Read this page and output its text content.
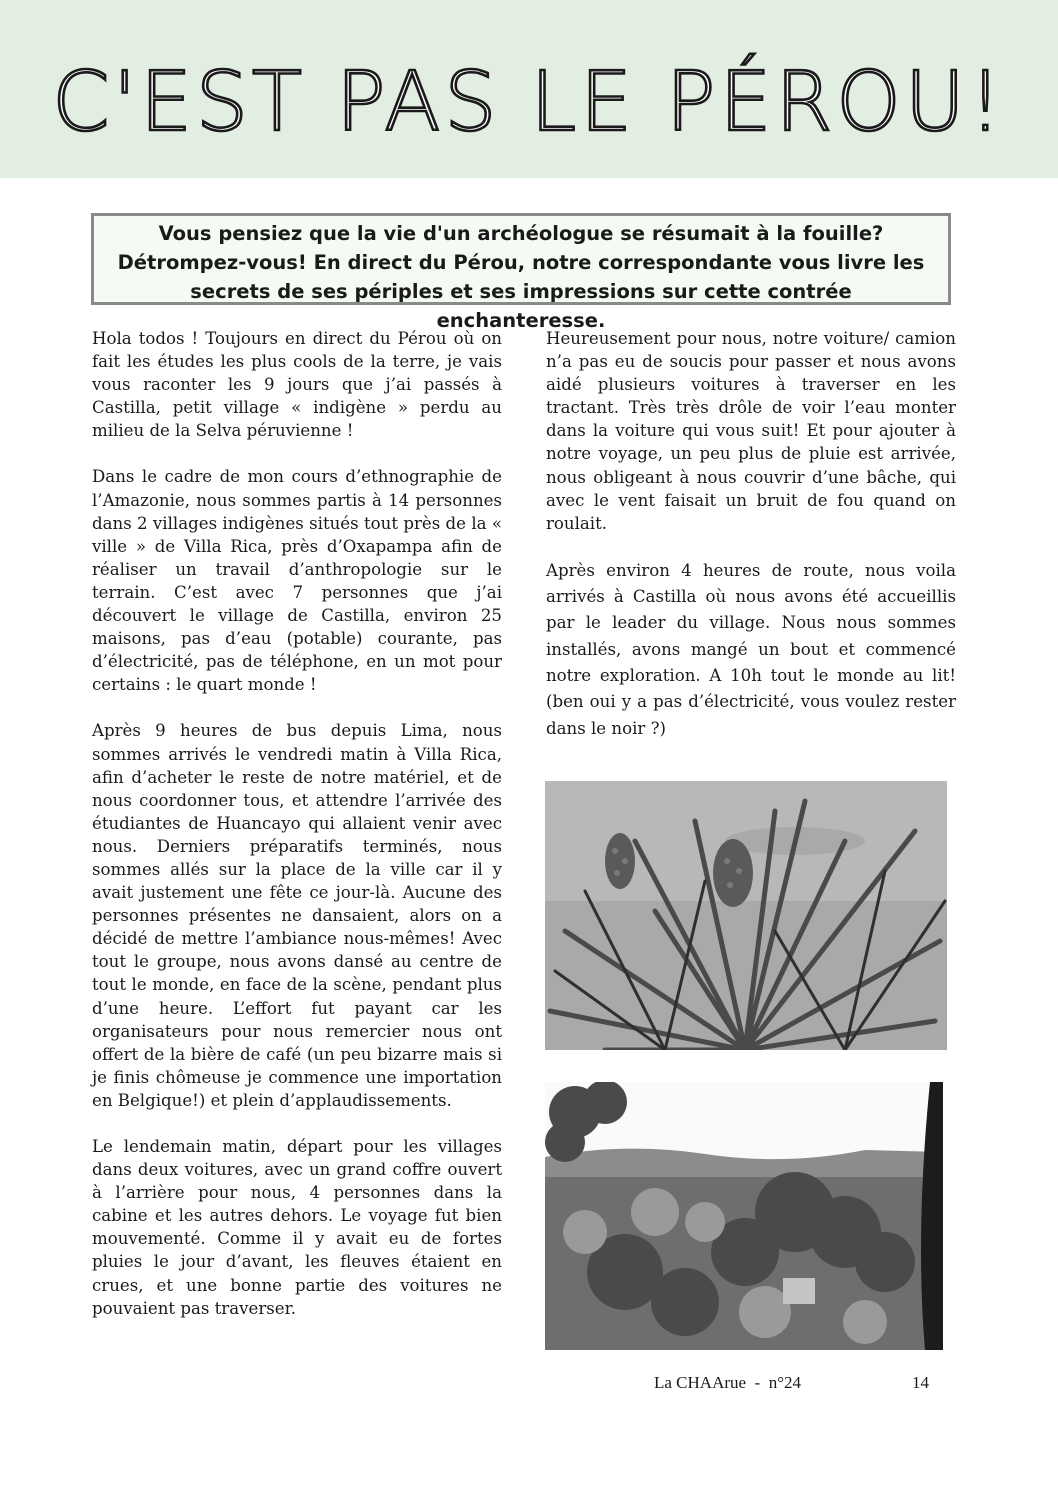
C'EST PAS LE PÉROU!
Vous pensiez que la vie d'un archéologue se résumait à la fouille? Détrompez-vous! En direct du Pérou, notre correspondante vous livre les secrets de ses périples et ses impressions sur cette contrée enchanteresse.

Hola todos ! Toujours en direct du Pérou où on fait les études les plus cools de la terre, je vais vous raconter les 9 jours que j’ai passés à Castilla, petit village « indigène » perdu au milieu de la Selva péruvienne !

Dans le cadre de mon cours d’ethnographie de l’Amazonie, nous sommes partis à 14 personnes dans 2 villages indigènes situés tout près de la « ville » de Villa Rica, près d’Oxapampa afin de réaliser un travail d’anthropologie sur le terrain. C’est avec 7 personnes que j’ai découvert le village de Castilla, environ 25 maisons, pas d’eau (potable) courante, pas d’électricité, pas de téléphone, en un mot pour certains : le quart monde !

Après 9 heures de bus depuis Lima, nous sommes arrivés le vendredi matin à Villa Rica, afin d’acheter le reste de notre matériel, et de nous coordonner tous, et attendre l’arrivée des étudiantes de Huancayo qui allaient venir avec nous. Derniers préparatifs terminés, nous sommes allés sur la place de la ville car il y avait justement une fête ce jour-là. Aucune des personnes présentes ne dansaient, alors on a décidé de mettre l’ambiance nous-mêmes! Avec tout le groupe, nous avons dansé au centre de tout le monde, en face de la scène, pendant plus d’une heure. L’effort fut payant car les organisateurs pour nous remercier nous ont offert de la bière de café (un peu bizarre mais si je finis chômeuse je commence une importation en Belgique!) et plein d’applaudissements.

Le lendemain matin, départ pour les villages dans deux voitures, avec un grand coffre ouvert à l’arrière pour nous, 4 personnes dans la cabine et les autres dehors. Le voyage fut bien mouvementé. Comme il y avait eu de fortes pluies le jour d’avant, les fleuves étaient en crues, et une bonne partie des voitures ne pouvaient pas traverser.

Heureusement pour nous, notre voiture/ camion n’a pas eu de soucis pour passer et nous avons aidé plusieurs voitures à traverser en les tractant. Très très drôle de voir l’eau monter dans la voiture qui vous suit! Et pour ajouter à notre voyage, un peu plus de pluie est arrivée, nous obligeant à nous couvrir d’une bâche, qui avec le vent faisait un bruit de fou quand on roulait.

Après environ 4 heures de route, nous voila arrivés à Castilla où nous avons été accueillis par le leader du village. Nous nous sommes installés, avons mangé un bout et commencé notre exploration. A 10h tout le monde au lit! (ben oui y a pas d’électricité, vous voulez rester dans le noir ?)

La CHAArue  -  n°24	14
